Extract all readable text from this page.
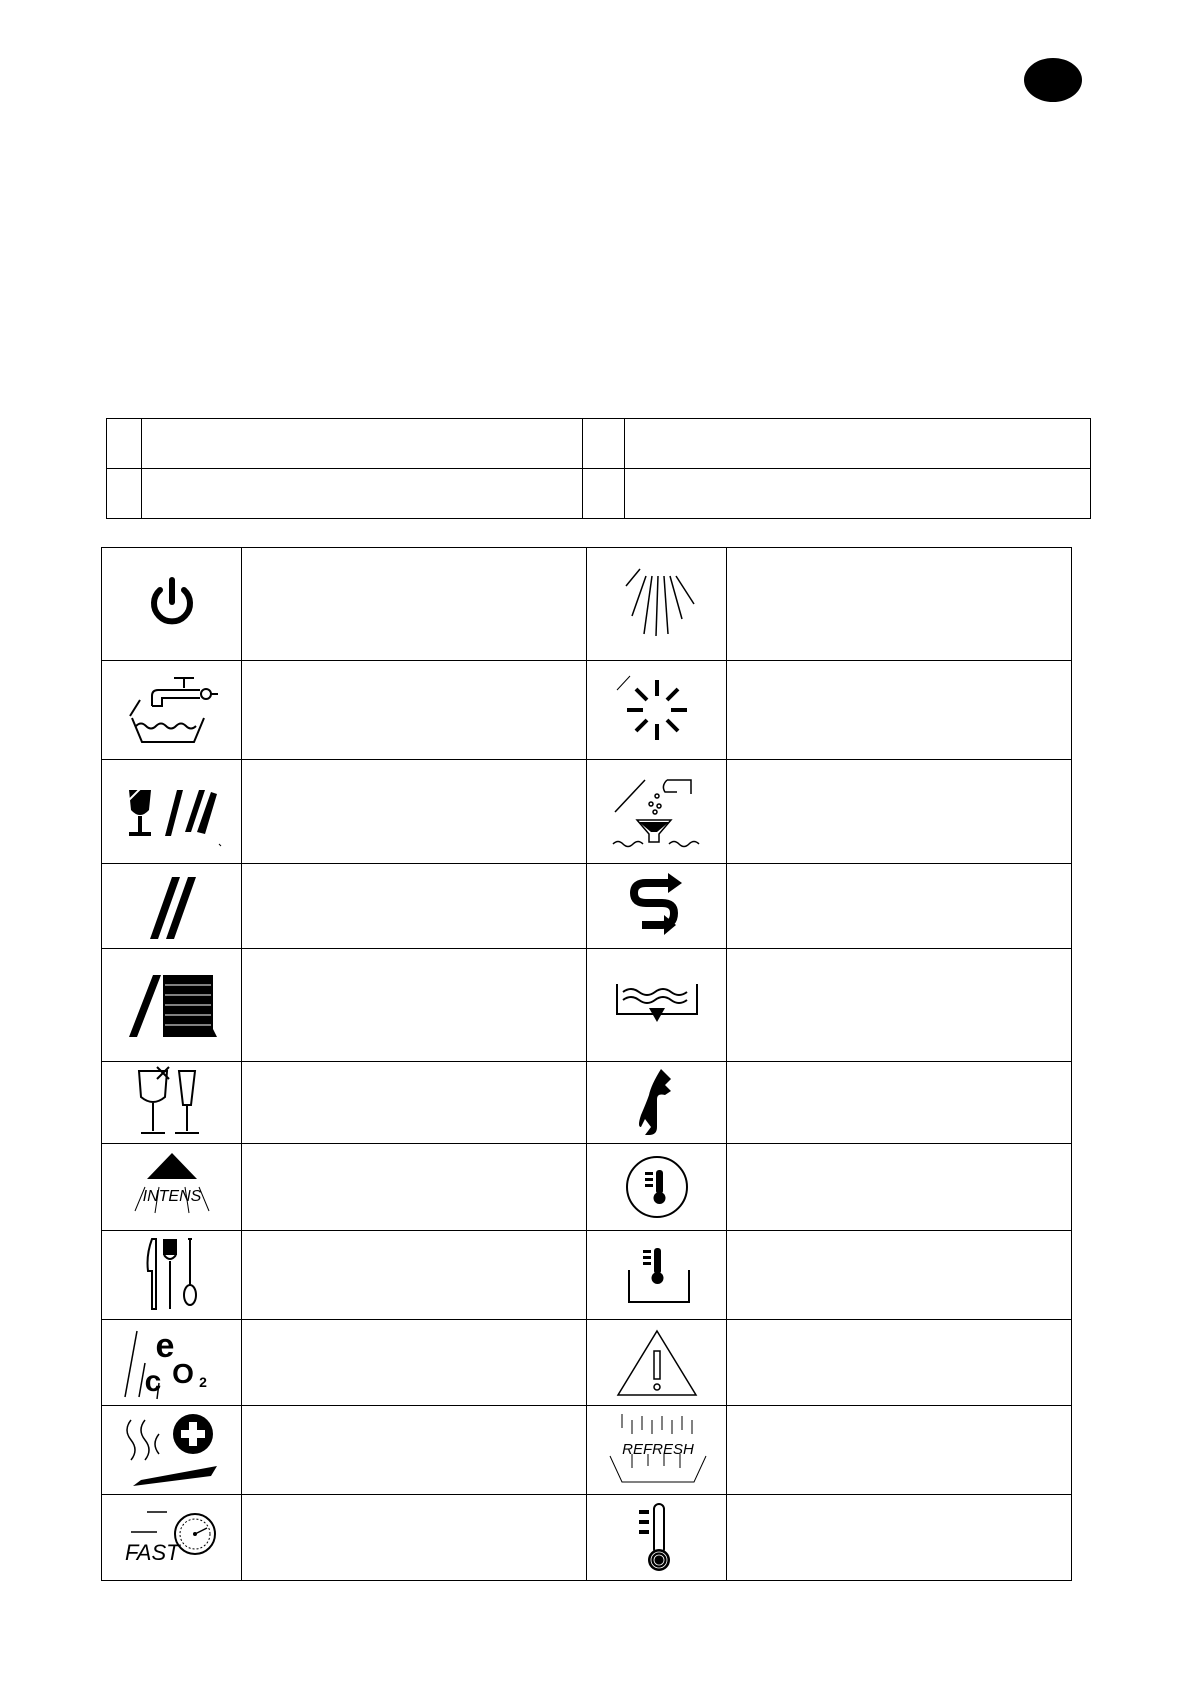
INTENS

e
c O 2

REFRESH	

FAST
